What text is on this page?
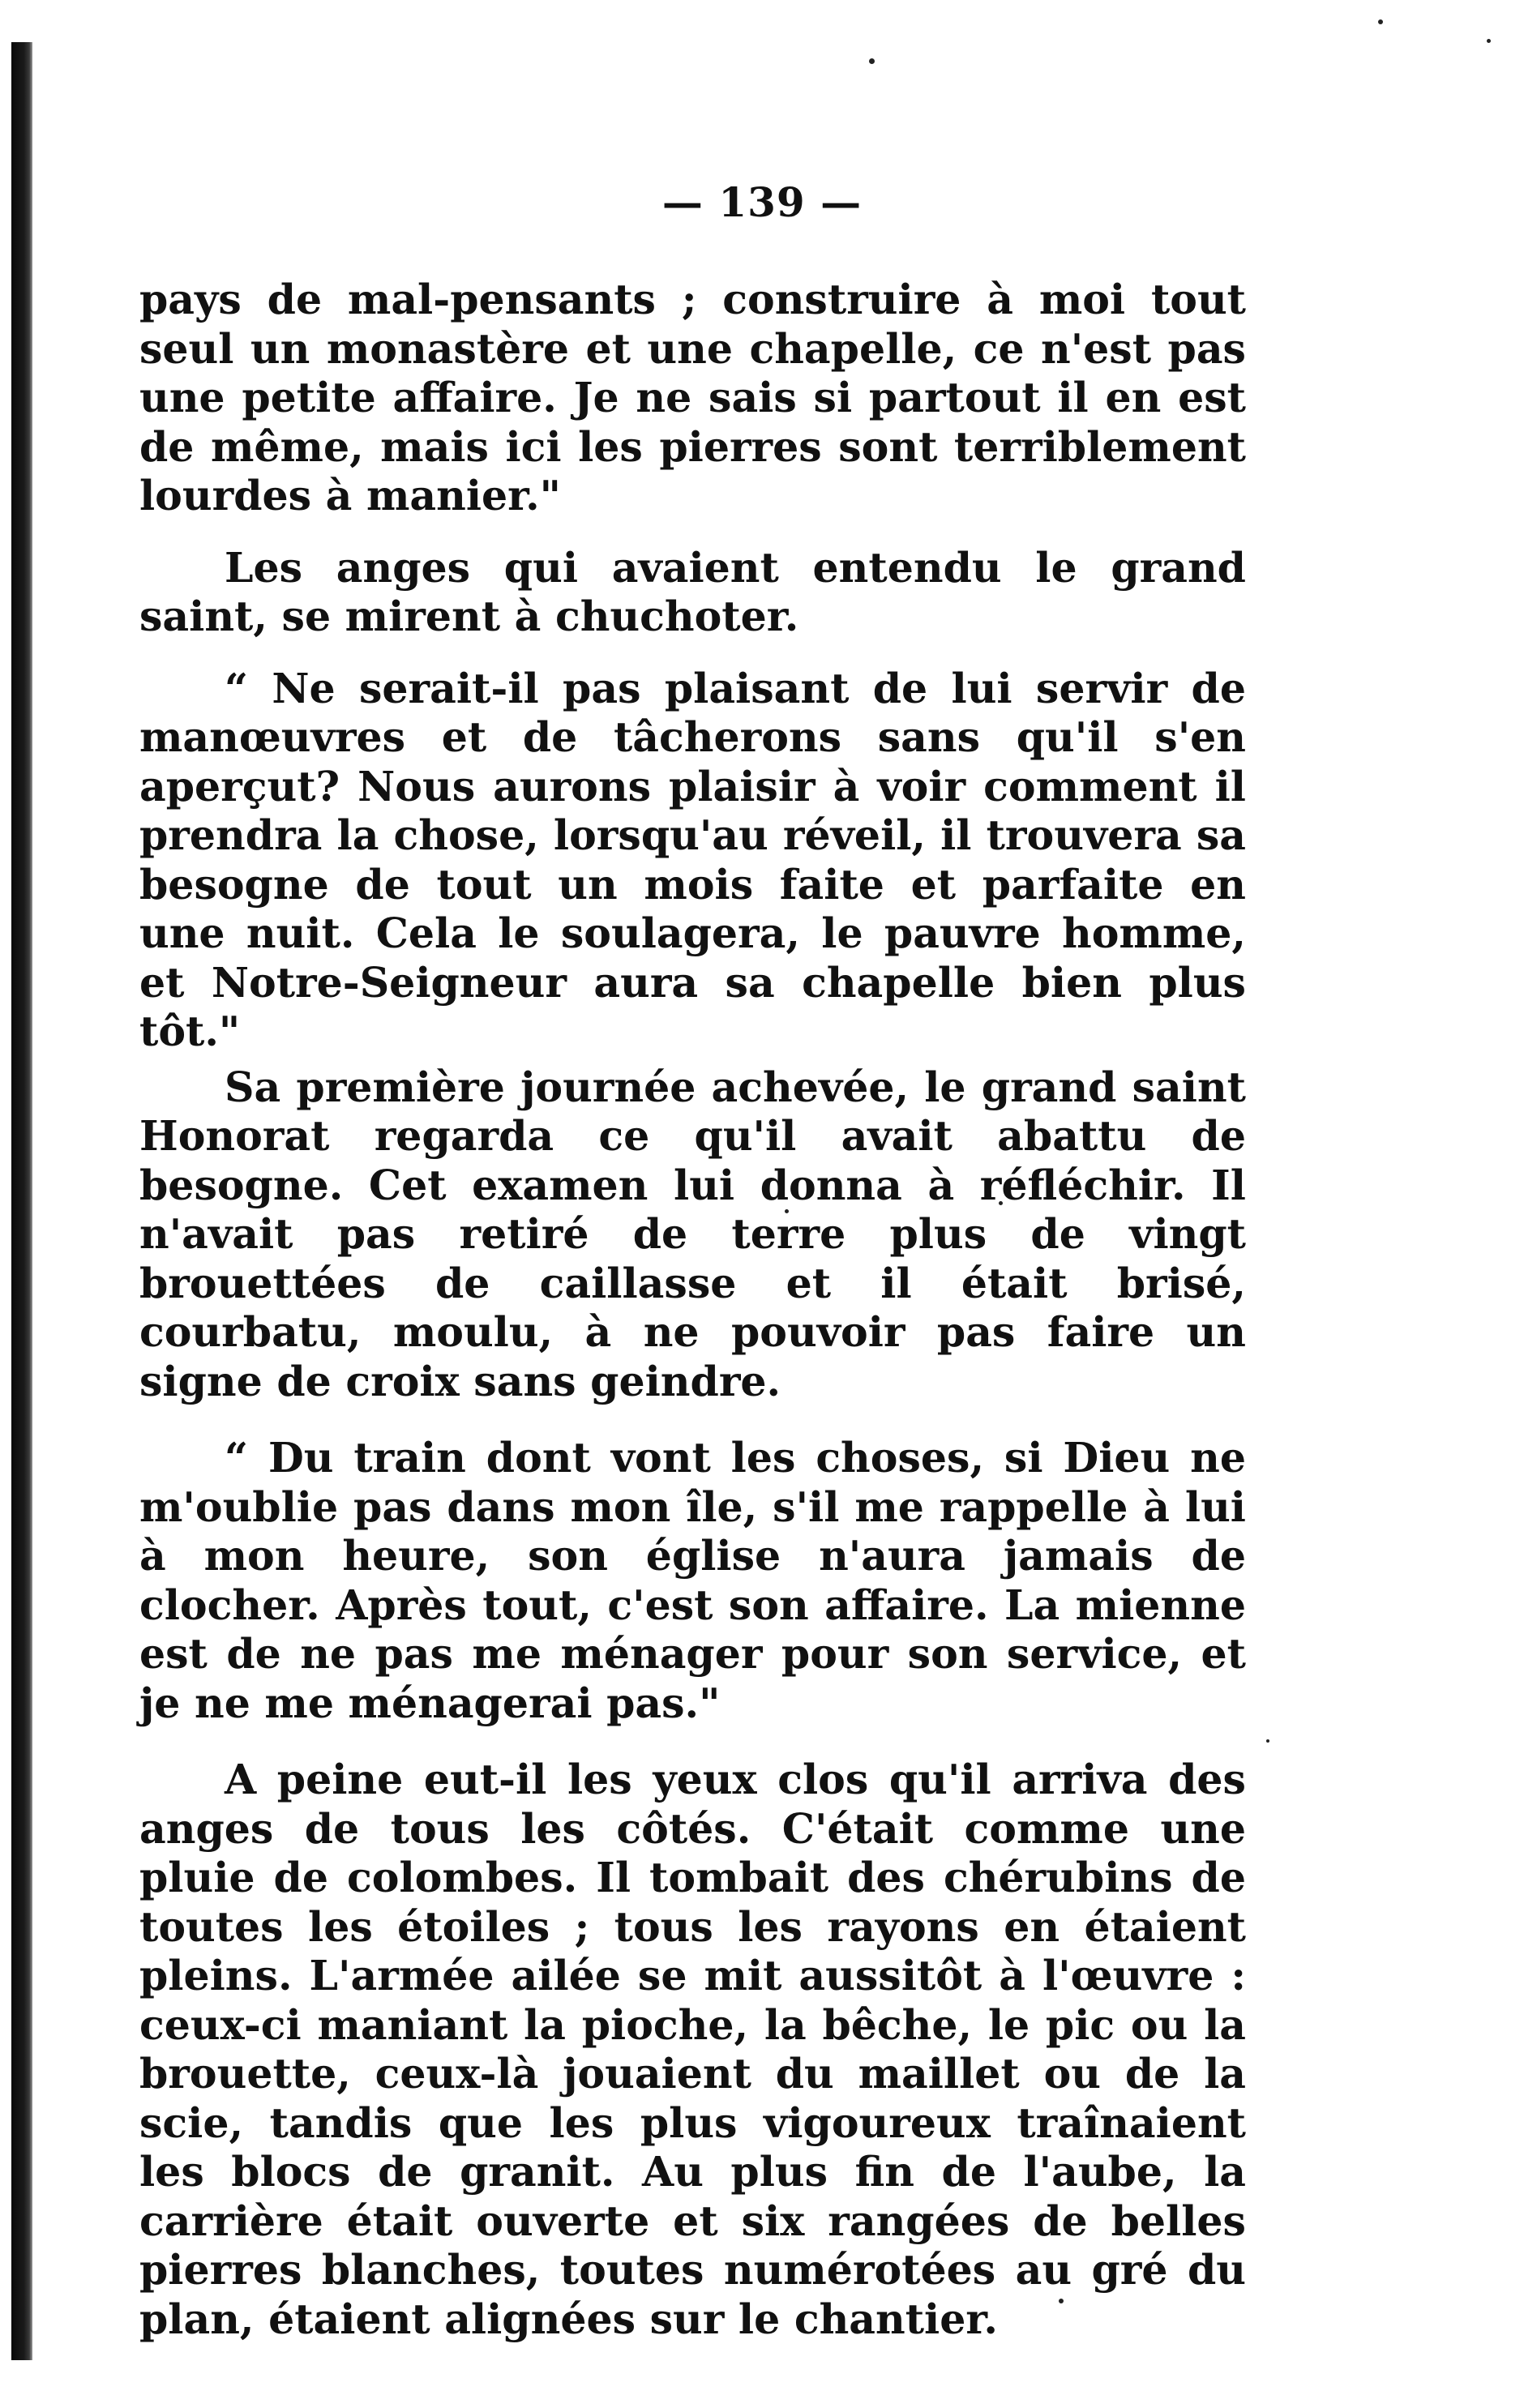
— 139 —

pays de mal-pensants ; construire à moi tout seul un monastère et une chapelle, ce n'est pas une petite affaire. Je ne sais si partout il en est de même, mais ici les pierres sont terriblement lourdes à manier."

Les anges qui avaient entendu le grand saint, se mirent à chuchoter.

“ Ne serait-il pas plaisant de lui servir de manœuvres et de tâcherons sans qu'il s'en aperçut? Nous aurons plaisir à voir comment il prendra la chose, lorsqu'au réveil, il trouvera sa besogne de tout un mois faite et parfaite en une nuit. Cela le soulagera, le pauvre homme, et Notre-Seigneur aura sa chapelle bien plus tôt."

Sa première journée achevée, le grand saint Honorat regarda ce qu'il avait abattu de besogne. Cet examen lui donna à réfléchir. Il n'avait pas retiré de terre plus de vingt brouettées de caillasse et il était brisé, courbatu, moulu, à ne pouvoir pas faire un signe de croix sans geindre.

“ Du train dont vont les choses, si Dieu ne m'oublie pas dans mon île, s'il me rappelle à lui à mon heure, son église n'aura jamais de clocher. Après tout, c'est son affaire. La mienne est de ne pas me ménager pour son service, et je ne me ménagerai pas."

A peine eut-il les yeux clos qu'il arriva des anges de tous les côtés. C'était comme une pluie de colombes. Il tombait des chérubins de toutes les étoiles ; tous les rayons en étaient pleins. L'armée ailée se mit aussitôt à l'œuvre : ceux-ci maniant la pioche, la bêche, le pic ou la brouette, ceux-là jouaient du maillet ou de la scie, tandis que les plus vigoureux traînaient les blocs de granit. Au plus fin de l'aube, la carrière était ouverte et six rangées de belles pierres blanches, toutes numérotées au gré du plan, étaient alignées sur le chantier.
